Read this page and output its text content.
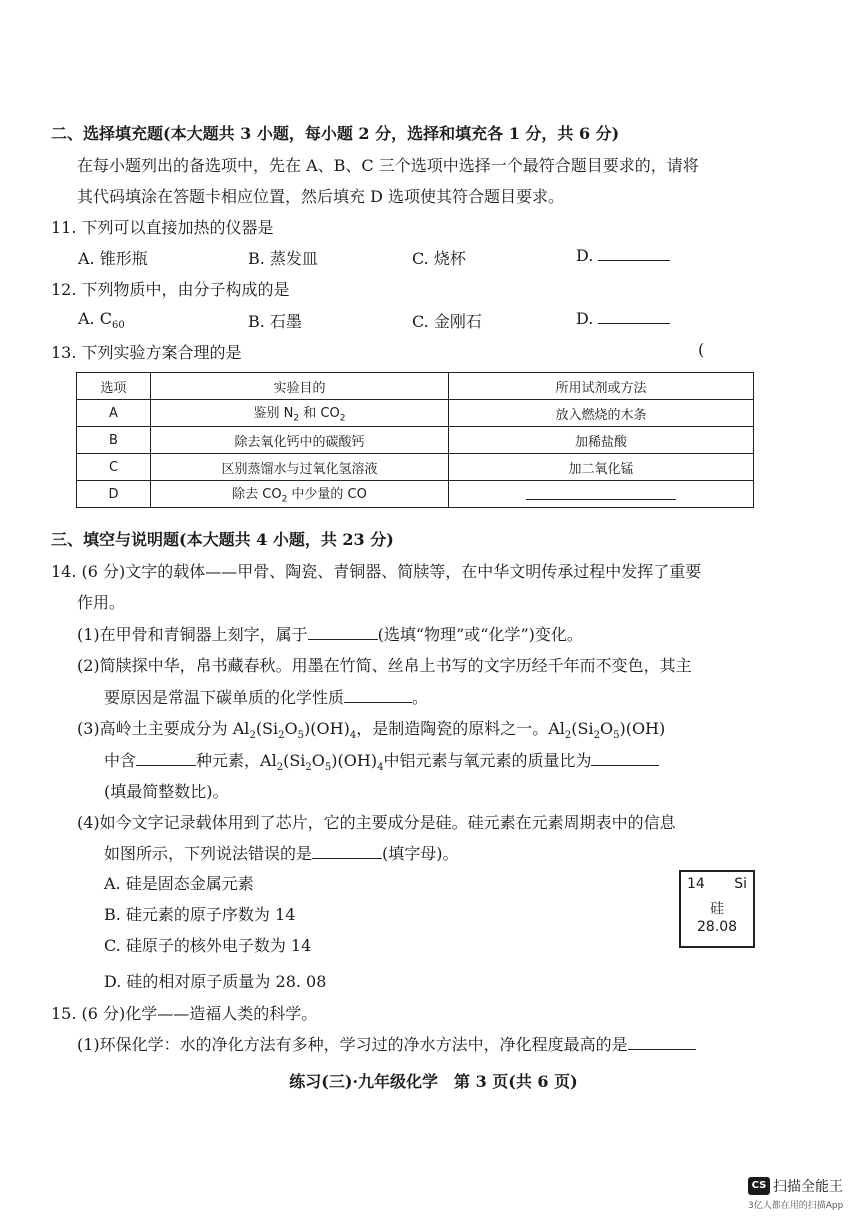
二、选择填充题(本大题共 3 小题，每小题 2 分，选择和填充各 1 分，共 6 分)
在每小题列出的备选项中，先在 A、B、C 三个选项中选择一个最符合题目要求的，请将
其代码填涂在答题卡相应位置，然后填充 D 选项使其符合题目要求。
11. 下列可以直接加热的仪器是
A. 锥形瓶	B. 蒸发皿	C. 烧杯	D.
12. 下列物质中，由分子构成的是
A. $C_{60}$	B. 石墨	C. 金刚石	D.
13. 下列实验方案合理的是	(
选项	实验目的	所用试剂或方法
A	鉴别 $N_2$ 和 $CO_2$	放入燃烧的木条
B	除去氧化钙中的碳酸钙	加稀盐酸
C	区别蒸馏水与过氧化氢溶液	加二氧化锰
D	除去 $CO_2$ 中少量的 CO	
三、填空与说明题(本大题共 4 小题，共 23 分)
14. (6 分)文字的载体——甲骨、陶瓷、青铜器、简牍等，在中华文明传承过程中发挥了重要
作用。
(1)在甲骨和青铜器上刻字，属于	(选填“物理”或“化学”)变化。
(2)简牍探中华，帛书藏春秋。用墨在竹简、丝帛上书写的文字历经千年而不变色，其主
要原因是常温下碳单质的化学性质	。
(3)高岭土主要成分为 $Al_2(Si_2O_5)(OH)_4$，是制造陶瓷的原料之一。$Al_2(Si_2O_5)(OH)$
中含	种元素，$Al_2(Si_2O_5)(OH)_4$中铝元素与氧元素的质量比为
(填最简整数比)。
(4)如今文字记录载体用到了芯片，它的主要成分是硅。硅元素在元素周期表中的信息
如图所示，下列说法错误的是	(填字母)。
A. 硅是固态金属元素
B. 硅元素的原子序数为 14
C. 硅原子的核外电子数为 14
D. 硅的相对原子质量为 28. 08
14 Si
硅
28.08
15. (6 分)化学——造福人类的科学。
(1)环保化学：水的净化方法有多种，学习过的净水方法中，净化程度最高的是
练习(三)·九年级化学　第 3 页(共 6 页)
CS 扫描全能王
3亿人都在用的扫描App
